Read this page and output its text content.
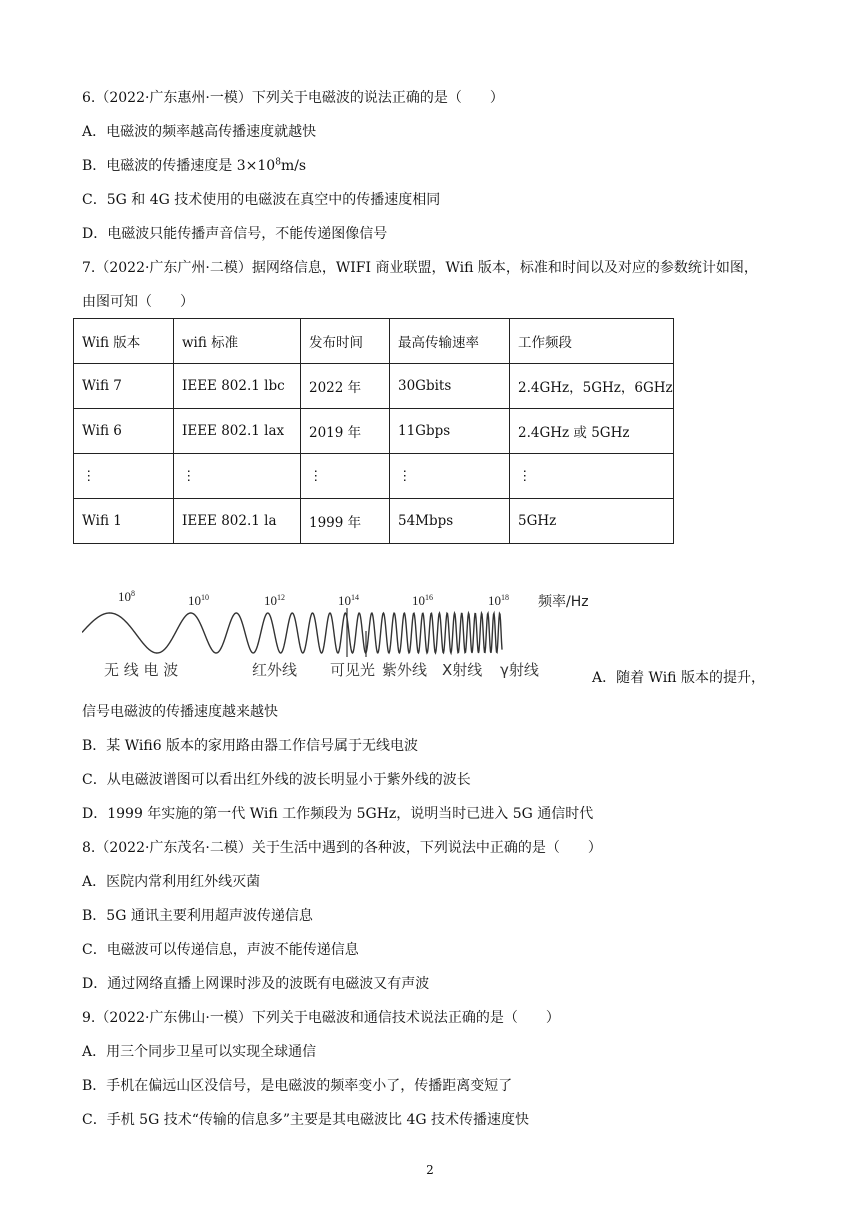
6.（2022·广东惠州·一模）下列关于电磁波的说法正确的是（　　）
A．电磁波的频率越高传播速度就越快
B．电磁波的传播速度是 $3\times 10^8m/s$
C．5G 和 4G 技术使用的电磁波在真空中的传播速度相同
D．电磁波只能传播声音信号，不能传递图像信号
7.（2022·广东广州·二模）据网络信息，WIFI 商业联盟，Wifi 版本，标准和时间以及对应的参数统计如图，
由图可知（　　）
Wifi 版本	wifi 标准	发布时间	最高传输速率	工作频段
Wifi 7	IEEE 802.1 lbc	2022 年	30Gbits	2.4GHz，5GHz，6GHz
Wifi 6	IEEE 802.1 lax	2019 年	11Gbps	2.4GHz 或 5GHz
⋮	⋮	⋮	⋮	⋮
Wifi 1	IEEE 802.1 la	1999 年	54Mbps	5GHz
$10^8$	$10^{10}$	$10^{12}$	$10^{14}$	$10^{16}$	$10^{18}$ 频率/Hz
无 线 电 波	红外线 可见光 紫外线 X射线 γ射线	A．随着 Wifi 版本的提升，
信号电磁波的传播速度越来越快
B．某 Wifi6 版本的家用路由器工作信号属于无线电波
C．从电磁波谱图可以看出红外线的波长明显小于紫外线的波长
D．1999 年实施的第一代 Wifi 工作频段为 5GHz，说明当时已进入 5G 通信时代
8.（2022·广东茂名·二模）关于生活中遇到的各种波，下列说法中正确的是（　　）
A．医院内常利用红外线灭菌
B．5G 通讯主要利用超声波传递信息
C．电磁波可以传递信息，声波不能传递信息
D．通过网络直播上网课时涉及的波既有电磁波又有声波
9.（2022·广东佛山·一模）下列关于电磁波和通信技术说法正确的是（　　）
A．用三个同步卫星可以实现全球通信
B．手机在偏远山区没信号，是电磁波的频率变小了，传播距离变短了
C．手机 5G 技术“传输的信息多”主要是其电磁波比 4G 技术传播速度快
2
